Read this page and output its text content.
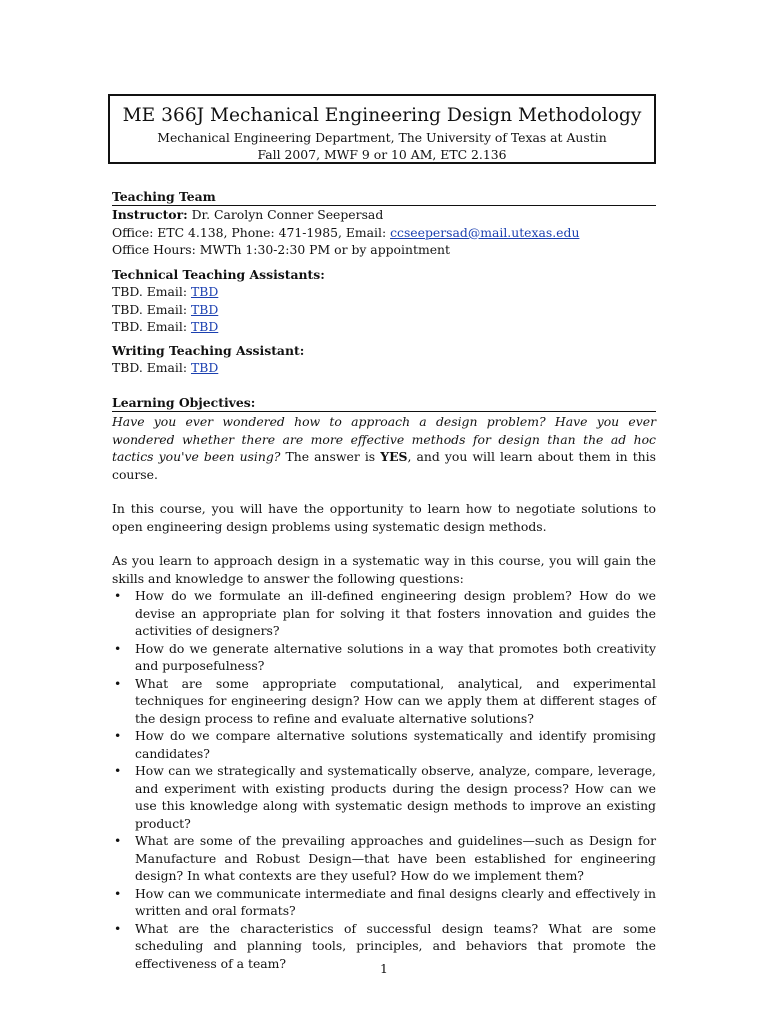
ME 366J Mechanical Engineering Design Methodology
Mechanical Engineering Department, The University of Texas at Austin
Fall 2007, MWF 9 or 10 AM, ETC 2.136
Teaching Team
Instructor: Dr. Carolyn Conner Seepersad
Office: ETC 4.138, Phone: 471-1985, Email: ccseepersad@mail.utexas.edu
Office Hours: MWTh 1:30-2:30 PM or by appointment
Technical Teaching Assistants:
TBD. Email: TBD
TBD. Email: TBD
TBD. Email: TBD
Writing Teaching Assistant:
TBD. Email: TBD
Learning Objectives:
Have you ever wondered how to approach a design problem? Have you ever wondered whether there are more effective methods for design than the ad hoc tactics you've been using? The answer is YES, and you will learn about them in this course.
In this course, you will have the opportunity to learn how to negotiate solutions to open engineering design problems using systematic design methods.
As you learn to approach design in a systematic way in this course, you will gain the skills and knowledge to answer the following questions:
• How do we formulate an ill-defined engineering design problem? How do we devise an appropriate plan for solving it that fosters innovation and guides the activities of designers?
• How do we generate alternative solutions in a way that promotes both creativity and purposefulness?
• What are some appropriate computational, analytical, and experimental techniques for engineering design? How can we apply them at different stages of the design process to refine and evaluate alternative solutions?
• How do we compare alternative solutions systematically and identify promising candidates?
• How can we strategically and systematically observe, analyze, compare, leverage, and experiment with existing products during the design process? How can we use this knowledge along with systematic design methods to improve an existing product?
• What are some of the prevailing approaches and guidelines—such as Design for Manufacture and Robust Design—that have been established for engineering design? In what contexts are they useful? How do we implement them?
• How can we communicate intermediate and final designs clearly and effectively in written and oral formats?
• What are the characteristics of successful design teams? What are some scheduling and planning tools, principles, and behaviors that promote the effectiveness of a team?	1
